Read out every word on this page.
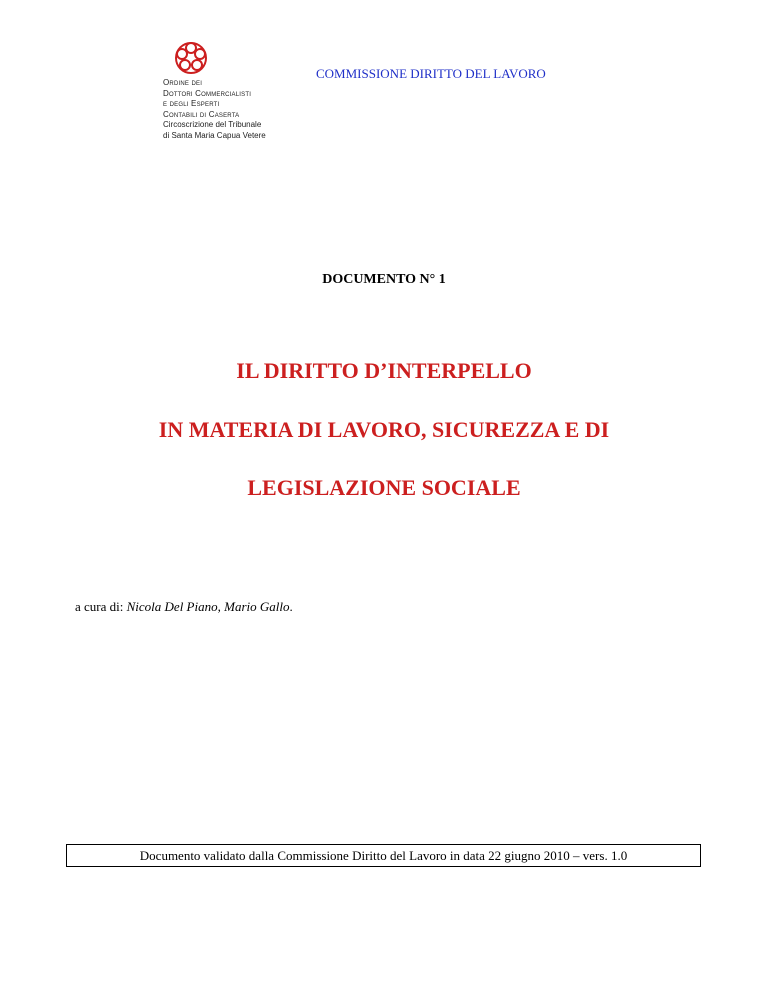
Ordine dei
Dottori Commercialisti
e degli Esperti
Contabili di Caserta
Circoscrizione del Tribunale
di Santa Maria Capua Vetere
COMMISSIONE DIRITTO DEL LAVORO
DOCUMENTO N° 1
IL DIRITTO D’INTERPELLO
IN MATERIA DI LAVORO, SICUREZZA E DI
LEGISLAZIONE SOCIALE
a cura di: Nicola Del Piano, Mario Gallo.
Documento validato dalla Commissione Diritto del Lavoro in data 22 giugno 2010 – vers. 1.0
